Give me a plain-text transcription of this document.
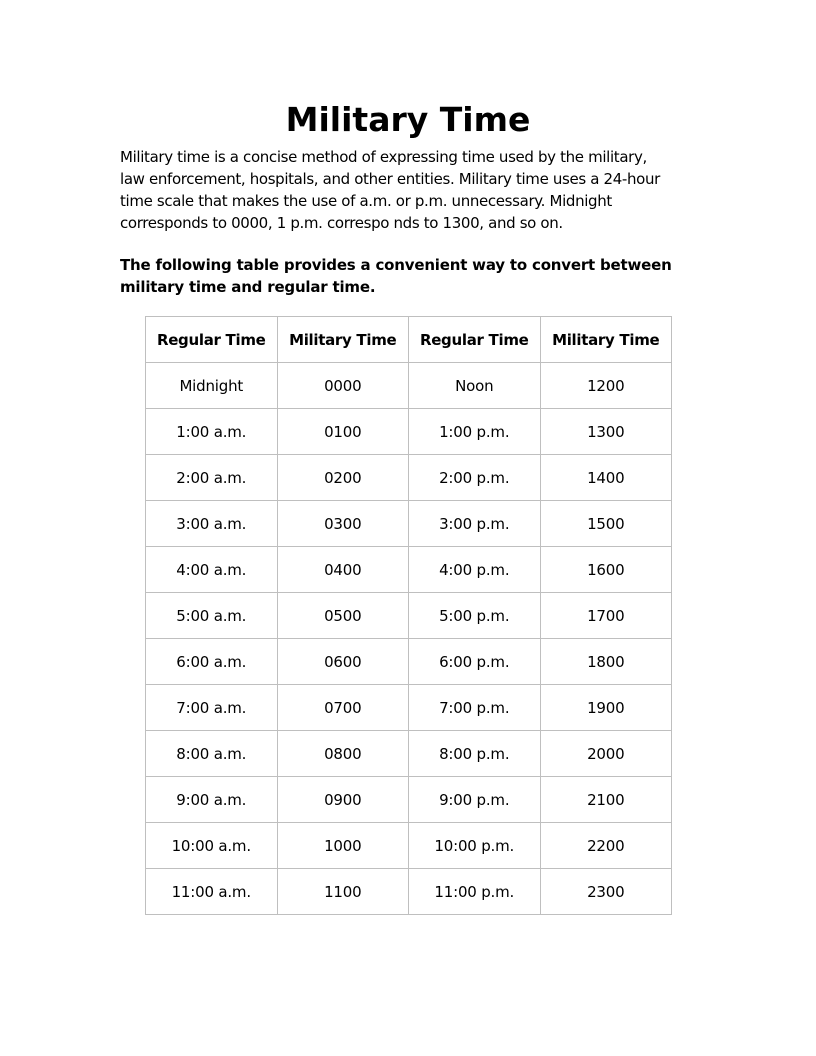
Military Time

Military time is a concise method of expressing time used by the military,
law enforcement, hospitals, and other entities. Military time uses a 24-hour
time scale that makes the use of a.m. or p.m. unnecessary. Midnight
corresponds to 0000, 1 p.m. correspo nds to 1300, and so on.

The following table provides a convenient way to convert between
military time and regular time.

Regular Time	Military Time	Regular Time	Military Time
Midnight	0000	Noon	1200
1:00 a.m.	0100	1:00 p.m.	1300
2:00 a.m.	0200	2:00 p.m.	1400
3:00 a.m.	0300	3:00 p.m.	1500
4:00 a.m.	0400	4:00 p.m.	1600
5:00 a.m.	0500	5:00 p.m.	1700
6:00 a.m.	0600	6:00 p.m.	1800
7:00 a.m.	0700	7:00 p.m.	1900
8:00 a.m.	0800	8:00 p.m.	2000
9:00 a.m.	0900	9:00 p.m.	2100
10:00 a.m.	1000	10:00 p.m.	2200
11:00 a.m.	1100	11:00 p.m.	2300
